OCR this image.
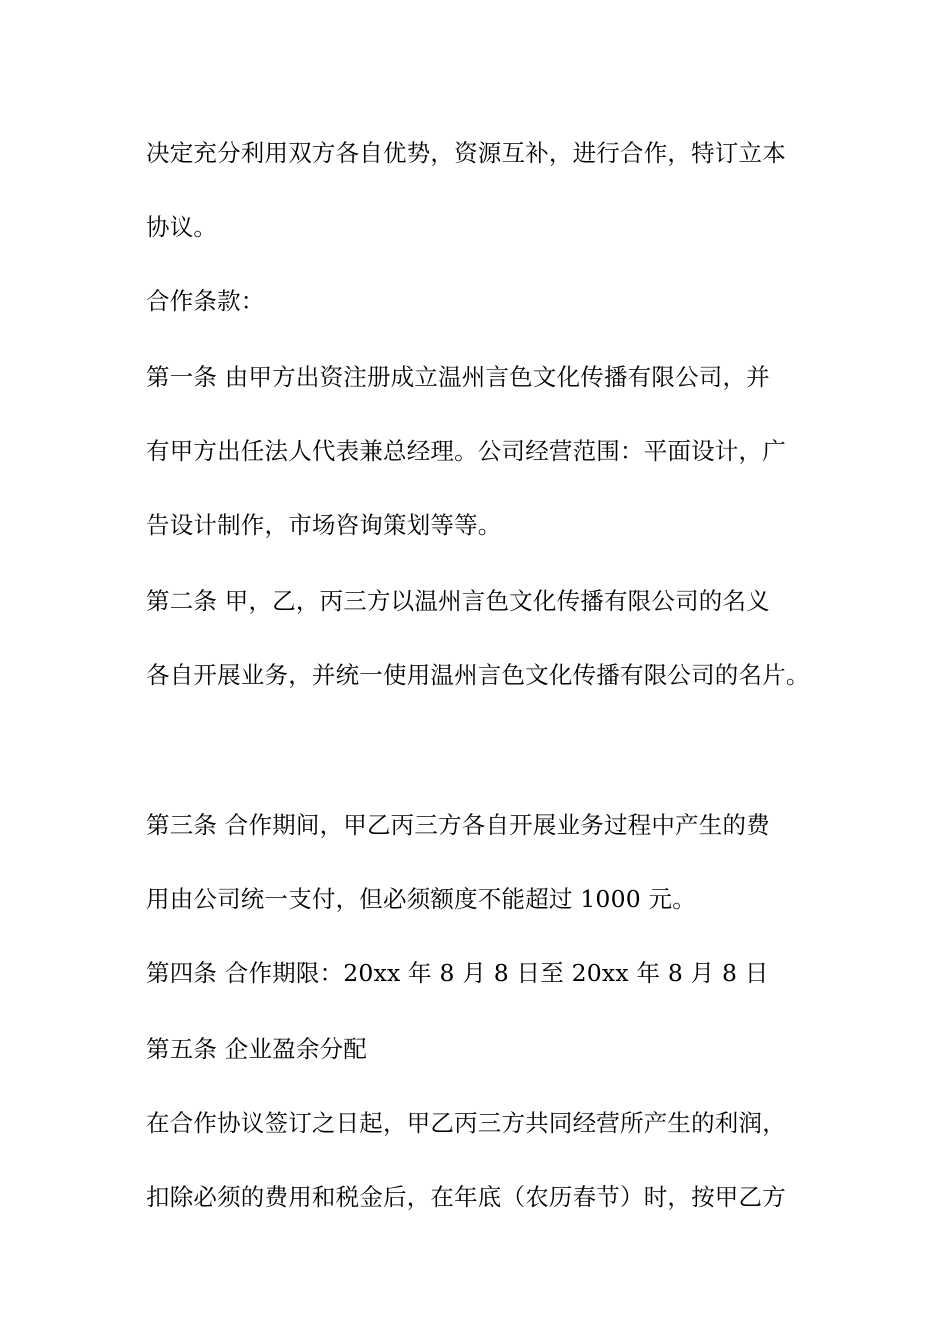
决定充分利用双方各自优势，资源互补，进行合作，特订立本
协议。
合作条款：
第一条 由甲方出资注册成立温州言色文化传播有限公司，并
有甲方出任法人代表兼总经理。公司经营范围：平面设计，广
告设计制作，市场咨询策划等等。
第二条 甲，乙，丙三方以温州言色文化传播有限公司的名义
各自开展业务，并统一使用温州言色文化传播有限公司的名片。
第三条 合作期间，甲乙丙三方各自开展业务过程中产生的费
用由公司统一支付，但必须额度不能超过 1000 元。
第四条 合作期限：20xx 年 8 月 8 日至 20xx 年 8 月 8 日
第五条 企业盈余分配
在合作协议签订之日起，甲乙丙三方共同经营所产生的利润，
扣除必须的费用和税金后，在年底（农历春节）时，按甲乙方
